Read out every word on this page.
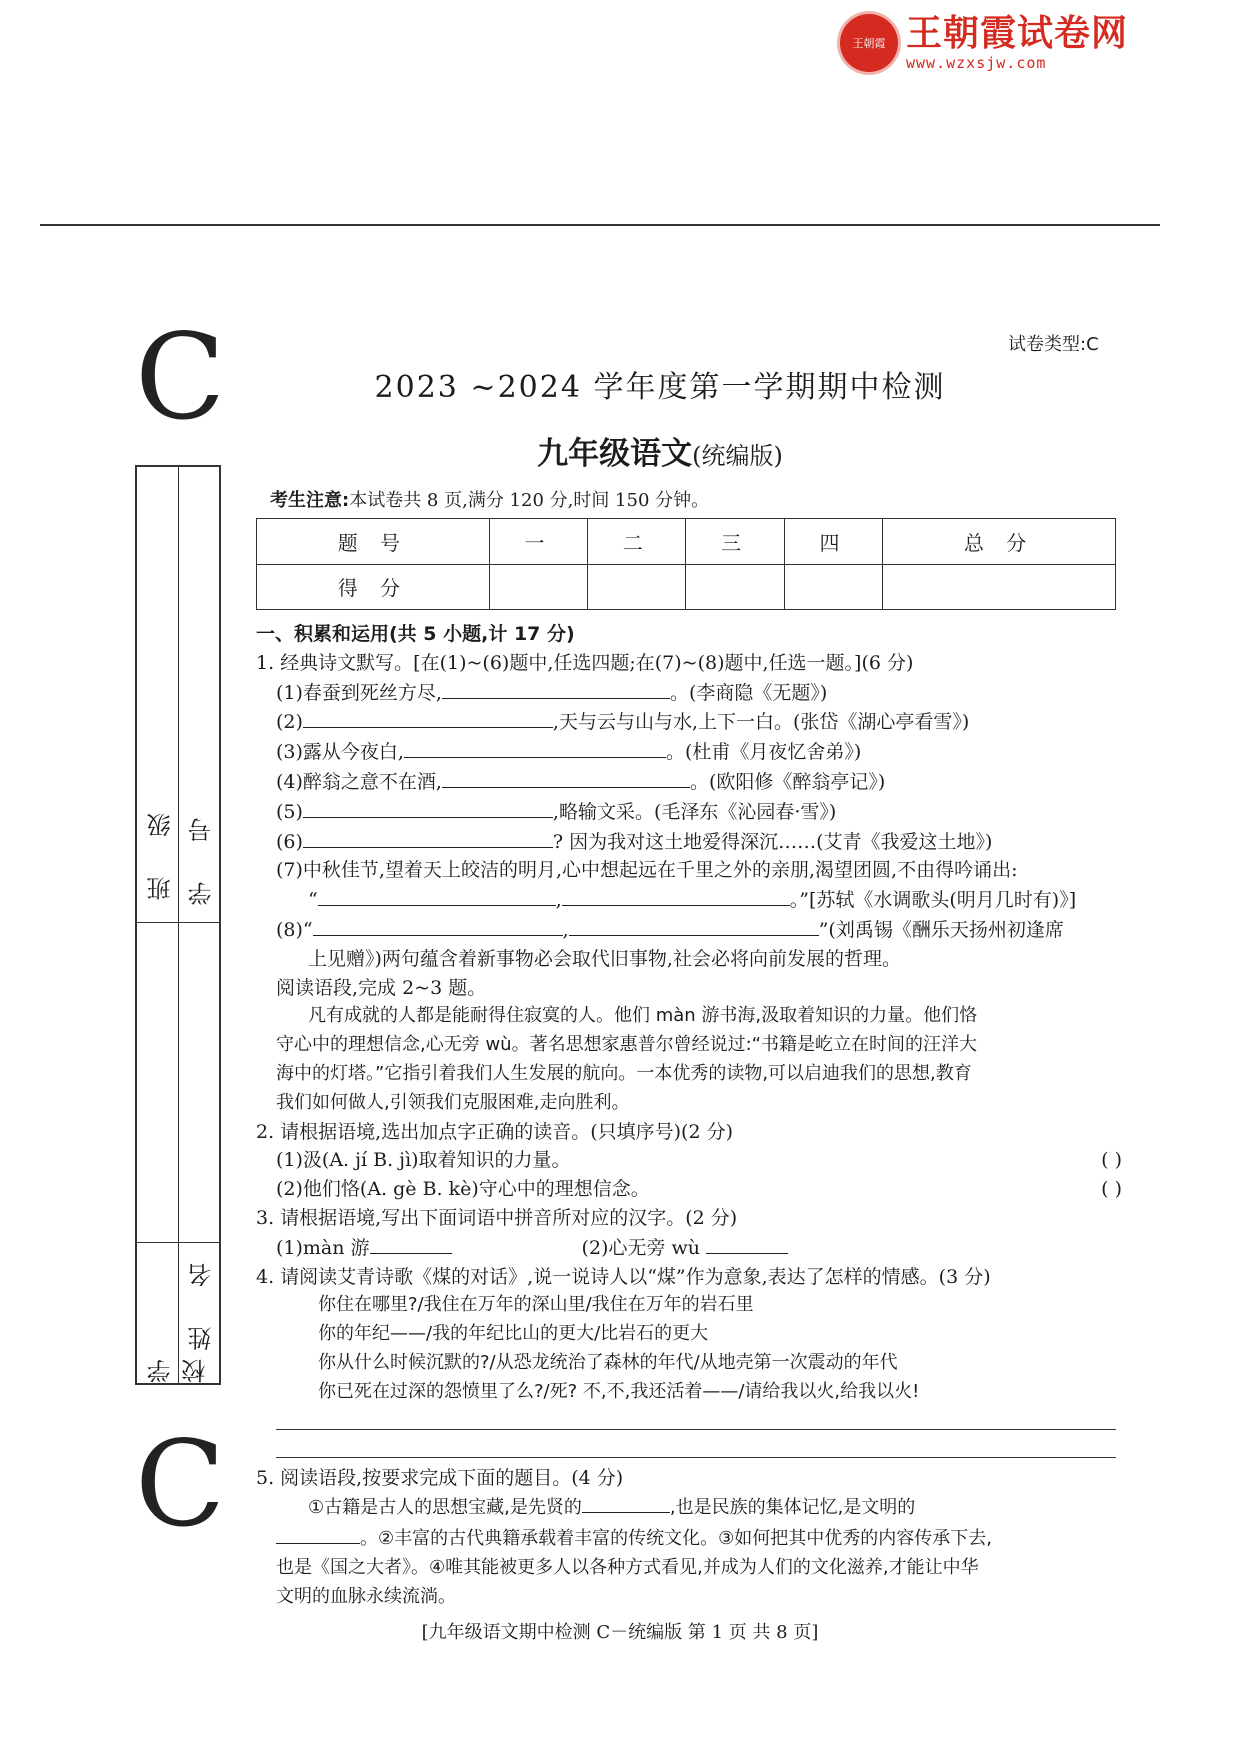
王朝霞 王朝霞试卷网
www.wzxsjw.com
C
学 校
姓 名
班 级 学 号
C
试卷类型:C
2023 ~2024 学年度第一学期期中检测
九年级语文(统编版)
考生注意:本试卷共 8 页,满分 120 分,时间 150 分钟。
题 号	一	二	三	四	总 分
得 分					

一、积累和运用(共 5 小题,计 17 分)

1. 经典诗文默写。[在(1)~(6)题中,任选四题;在(7)~(8)题中,任选一题。](6 分)

(1)春蚕到死丝方尽,	。(李商隐《无题》)

(2)	,天与云与山与水,上下一白。(张岱《湖心亭看雪》)

(3)露从今夜白,	。(杜甫《月夜忆舍弟》)

(4)醉翁之意不在酒,	。(欧阳修《醉翁亭记》)

(5)	,略输文采。(毛泽东《沁园春·雪》)

(6)	? 因为我对这土地爱得深沉……(艾青《我爱这土地》)

(7)中秋佳节,望着天上皎洁的明月,心中想起远在千里之外的亲朋,渴望团圆,不由得吟诵出:

“	,	。”[苏轼《水调歌头(明月几时有)》]

(8)“	,	”(刘禹锡《酬乐天扬州初逢席

上见赠》)两句蕴含着新事物必会取代旧事物,社会必将向前发展的哲理。

阅读语段,完成 2~3 题。

凡有成就的人都是能耐得住寂寞的人。他们 màn 游书海,汲取着知识的力量。他们恪

守心中的理想信念,心无旁 wù。著名思想家惠普尔曾经说过:“书籍是屹立在时间的汪洋大

海中的灯塔。”它指引着我们人生发展的航向。一本优秀的读物,可以启迪我们的思想,教育

我们如何做人,引领我们克服困难,走向胜利。

2. 请根据语境,选出加点字正确的读音。(只填序号)(2 分)

(1)汲(A. jí B. jì)取着知识的力量。	( )

(2)他们恪(A. gè B. kè)守心中的理想信念。	( )

3. 请根据语境,写出下面词语中拼音所对应的汉字。(2 分)

(1)màn 游	(2)心无旁 wù

4. 请阅读艾青诗歌《煤的对话》,说一说诗人以“煤”作为意象,表达了怎样的情感。(3 分)

你住在哪里?/我住在万年的深山里/我住在万年的岩石里

你的年纪——/我的年纪比山的更大/比岩石的更大

你从什么时候沉默的?/从恐龙统治了森林的年代/从地壳第一次震动的年代

你已死在过深的怨愤里了么?/死? 不,不,我还活着——/请给我以火,给我以火!

5. 阅读语段,按要求完成下面的题目。(4 分)

①古籍是古人的思想宝藏,是先贤的	,也是民族的集体记忆,是文明的

。②丰富的古代典籍承载着丰富的传统文化。③如何把其中优秀的内容传承下去,

也是《国之大者》。④唯其能被更多人以各种方式看见,并成为人们的文化滋养,才能让中华

文明的血脉永续流淌。

[九年级语文期中检测 C－统编版 第 1 页 共 8 页]
